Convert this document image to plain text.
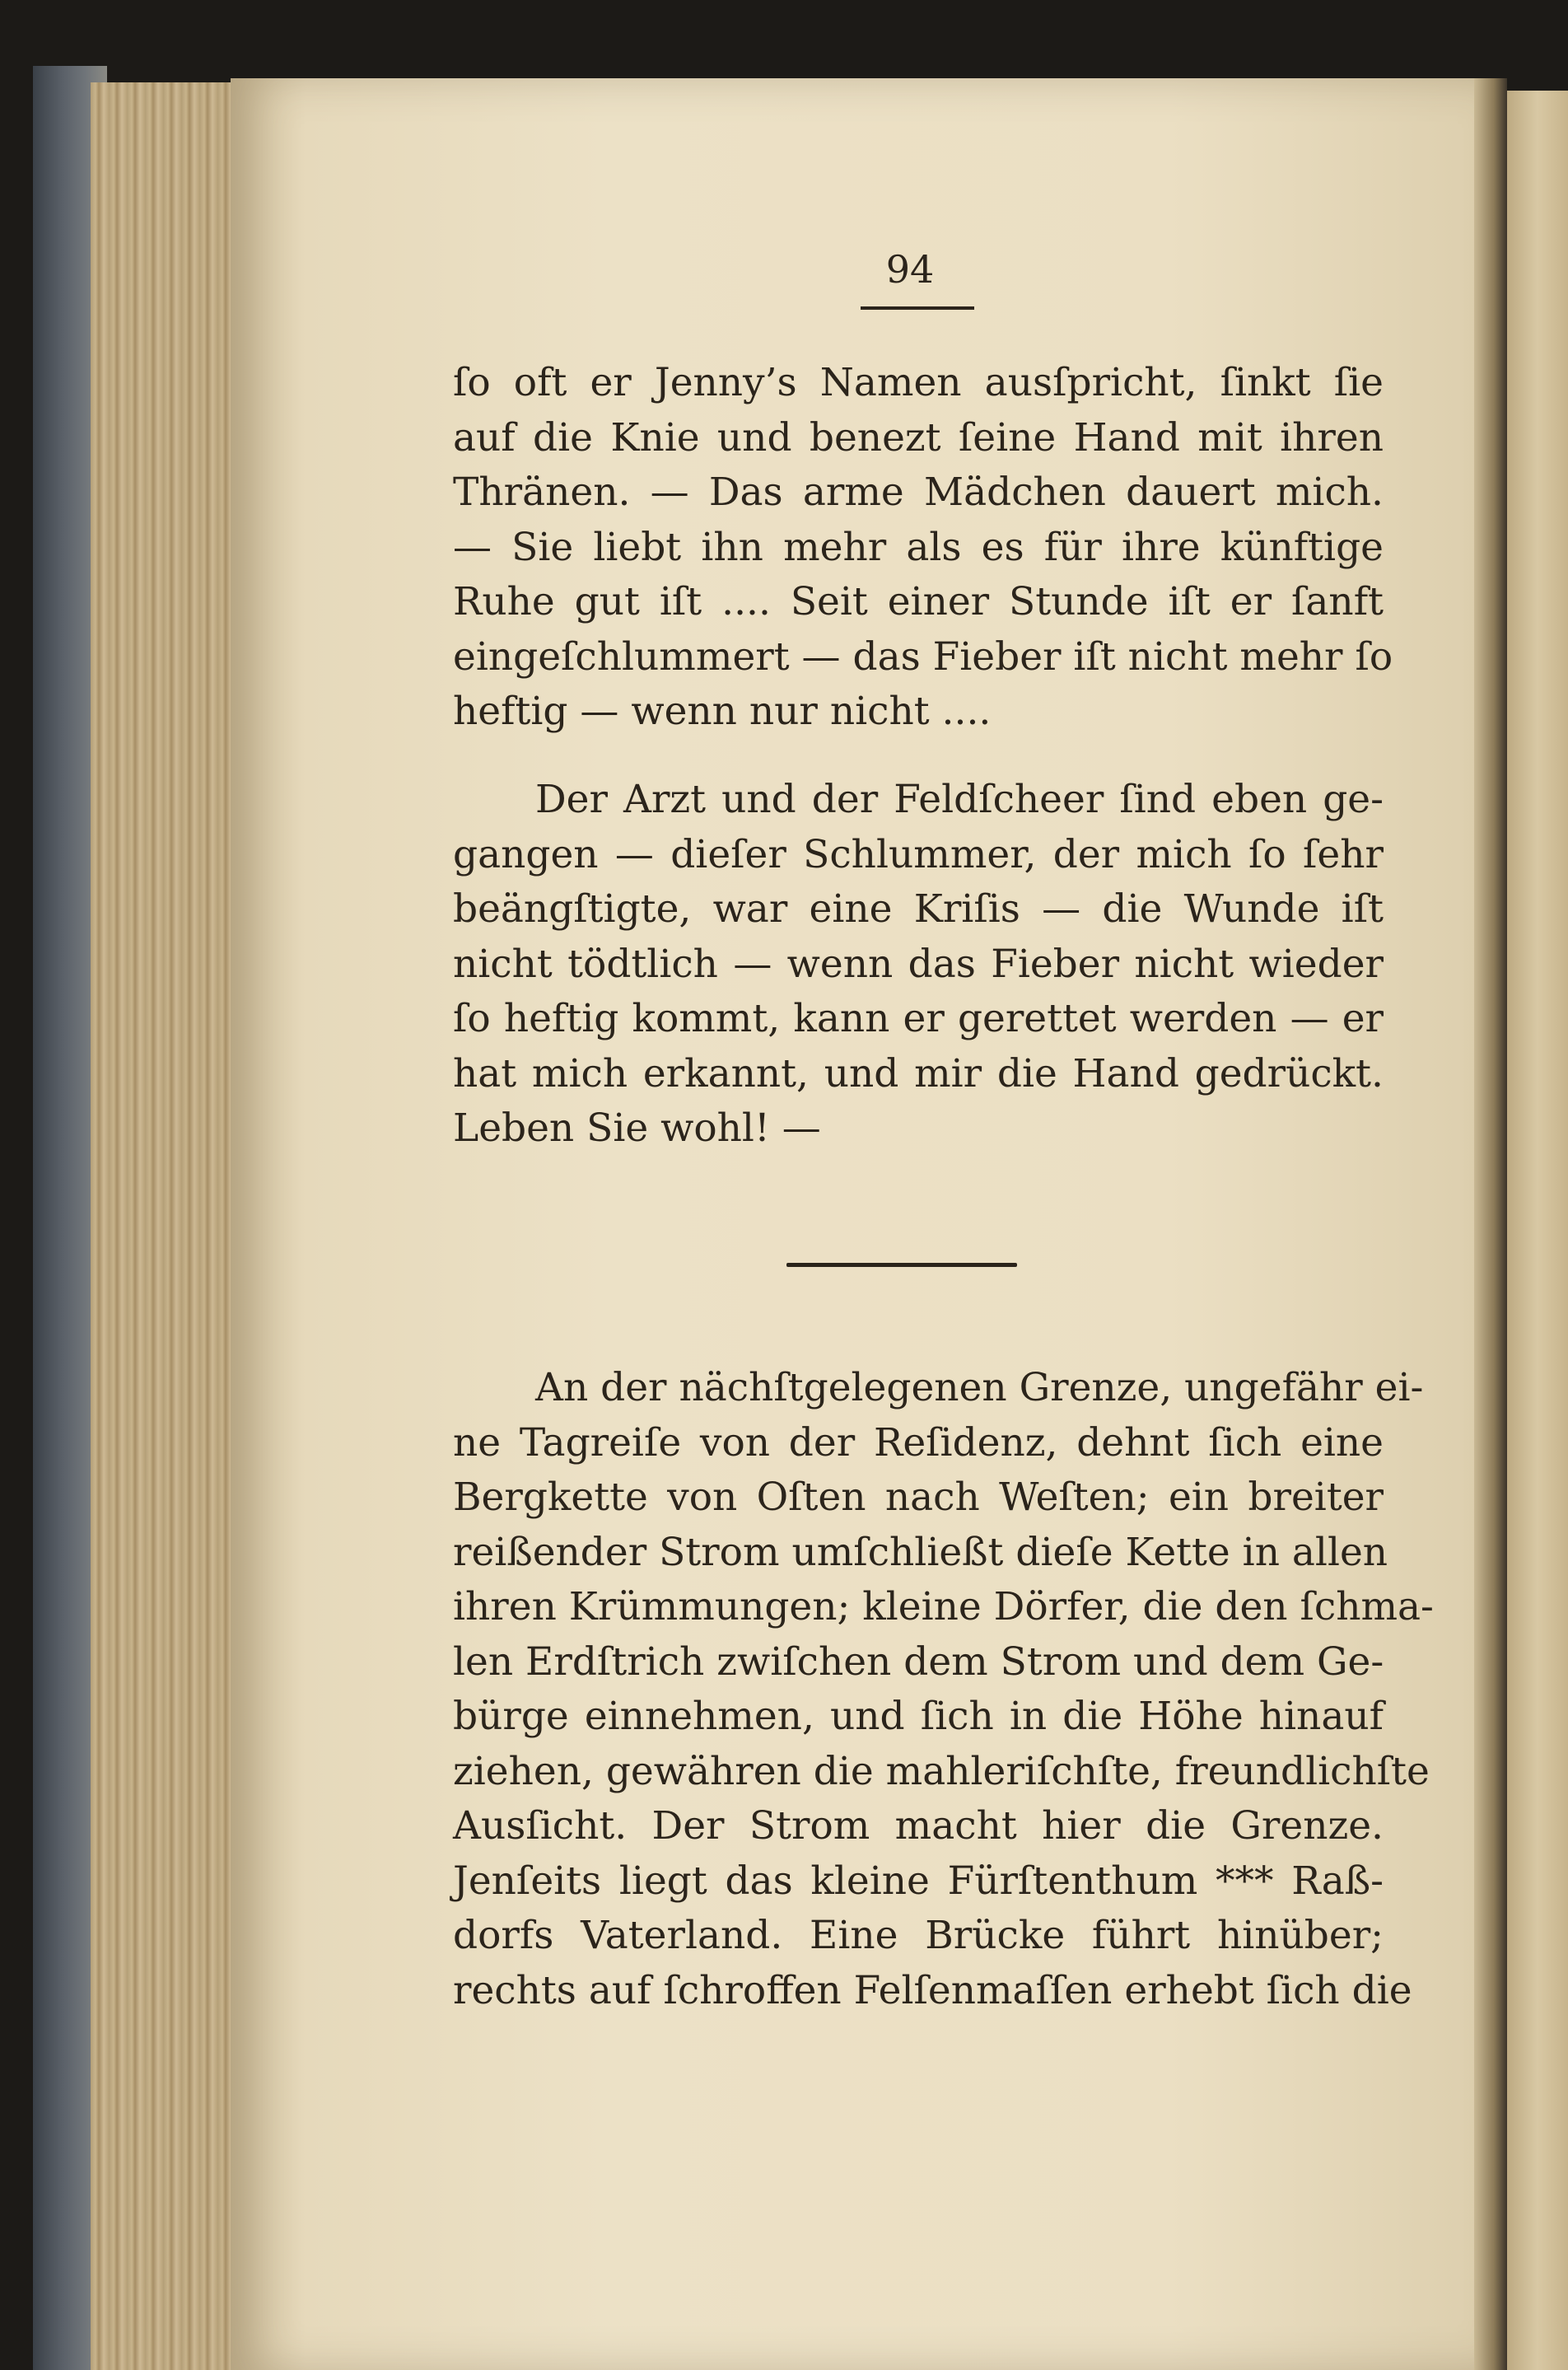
94
ſo oft er Jenny’s Namen ausſpricht, ſinkt ſie
auf die Knie und benezt ſeine Hand mit ihren
Thränen. — Das arme Mädchen dauert mich.
— Sie liebt ihn mehr als es für ihre künftige
Ruhe gut iſt .... Seit einer Stunde iſt er ſanft
eingeſchlummert — das Fieber iſt nicht mehr ſo
heftig — wenn nur nicht ....
Der Arzt und der Feldſcheer ſind eben ge-
gangen — dieſer Schlummer, der mich ſo ſehr
beängſtigte, war eine Kriſis — die Wunde iſt
nicht tödtlich — wenn das Fieber nicht wieder
ſo heftig kommt, kann er gerettet werden — er
hat mich erkannt, und mir die Hand gedrückt.
Leben Sie wohl! —
An der nächſtgelegenen Grenze, ungefähr ei-
ne Tagreiſe von der Reſidenz, dehnt ſich eine
Bergkette von Oſten nach Weſten; ein breiter
reißender Strom umſchließt dieſe Kette in allen
ihren Krümmungen; kleine Dörfer, die den ſchma-
len Erdſtrich zwiſchen dem Strom und dem Ge-
bürge einnehmen, und ſich in die Höhe hinauf
ziehen, gewähren die mahleriſchſte, freundlichſte
Ausſicht. Der Strom macht hier die Grenze.
Jenſeits liegt das kleine Fürſtenthum *** Raß-
dorfs Vaterland. Eine Brücke führt hinüber;
rechts auf ſchroffen Felſenmaſſen erhebt ſich die
